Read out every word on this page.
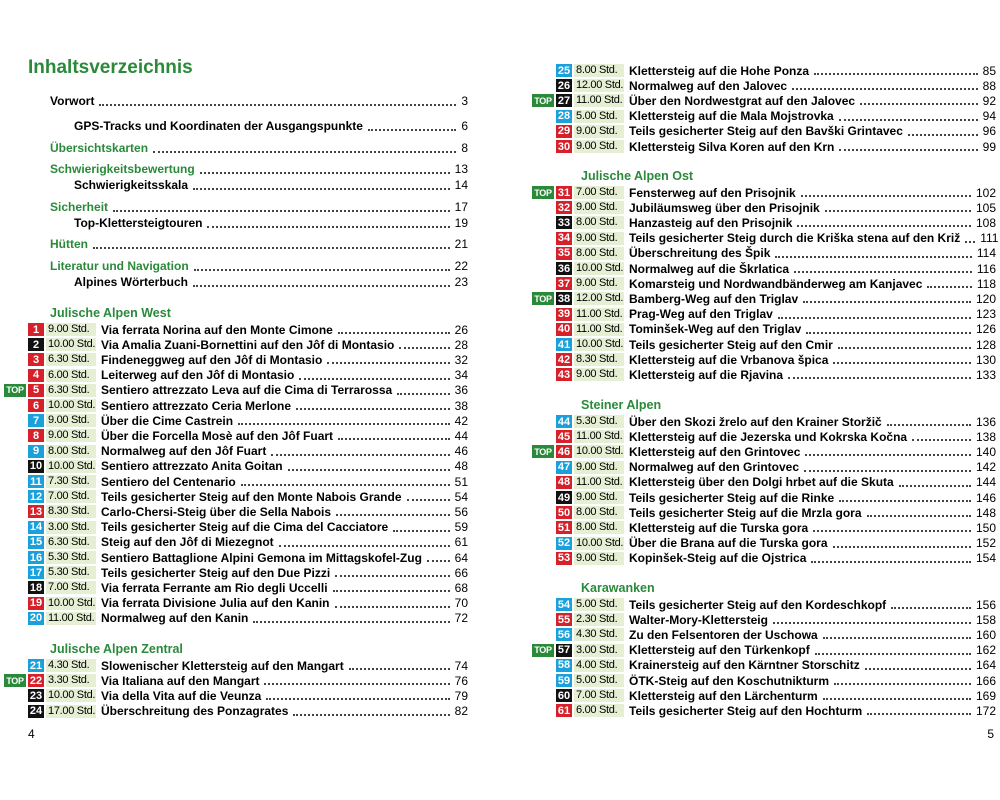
Inhaltsverzeichnis
4
Vorwort	3
GPS-Tracks und Koordinaten der Ausgangspunkte	6
Übersichtskarten	8
Schwierigkeitsbewertung	13
Schwierigkeitsskala	14
Sicherheit	17
Top-Klettersteigtouren	19
Hütten	21
Literatur und Navigation	22
Alpines Wörterbuch	23
Julische Alpen West
1 9.00 Std. Via ferrata Norina auf den Monte Cimone	26
2 10.00 Std. Via Amalia Zuani-Bornettini auf den Jôf di Montasio	28
3 6.30 Std. Findeneggweg auf den Jôf di Montasio	32
4 6.00 Std. Leiterweg auf den Jôf di Montasio	34
TOP 5 6.30 Std. Sentiero attrezzato Leva auf die Cima di Terrarossa	36
6 10.00 Std. Sentiero attrezzato Ceria Merlone	38
7 9.00 Std. Über die Cime Castrein	42
8 9.00 Std. Über die Forcella Mosè auf den Jôf Fuart	44
9 8.00 Std. Normalweg auf den Jôf Fuart	46
10 10.00 Std. Sentiero attrezzato Anita Goitan	48
11 7.30 Std. Sentiero del Centenario	51
12 7.00 Std. Teils gesicherter Steig auf den Monte Nabois Grande	54
13 8.30 Std. Carlo-Chersi-Steig über die Sella Nabois	56
14 3.00 Std. Teils gesicherter Steig auf die Cima del Cacciatore	59
15 6.30 Std. Steig auf den Jôf di Miezegnot	61
16 5.30 Std. Sentiero Battaglione Alpini Gemona im Mittagskofel-Zug	64
17 5.30 Std. Teils gesicherter Steig auf den Due Pizzi	66
18 7.00 Std. Via ferrata Ferrante am Rio degli Uccelli	68
19 10.00 Std. Via ferrata Divisione Julia auf den Kanin	70
20 11.00 Std. Normalweg auf den Kanin	72
Julische Alpen Zentral
21 4.30 Std. Slowenischer Klettersteig auf den Mangart	74
TOP 22 3.30 Std. Via Italiana auf den Mangart	76
23 10.00 Std. Via della Vita auf die Veunza	79
24 17.00 Std. Überschreitung des Ponzagrates	82
5
25 8.00 Std. Klettersteig auf die Hohe Ponza	85
26 12.00 Std. Normalweg auf den Jalovec	88
TOP 27 11.00 Std. Über den Nordwestgrat auf den Jalovec	92
28 5.00 Std. Klettersteig auf die Mala Mojstrovka	94
29 9.00 Std. Teils gesicherter Steig auf den Bavški Grintavec	96
30 9.00 Std. Klettersteig Silva Koren auf den Krn	99
Julische Alpen Ost
TOP 31 7.00 Std. Fensterweg auf den Prisojnik	102
32 9.00 Std. Jubiläumsweg über den Prisojnik	105
33 8.00 Std. Hanzasteig auf den Prisojnik	108
34 9.00 Std. Teils gesicherter Steig durch die Kriška stena auf den Križ 111
35 8.00 Std. Überschreitung des Špik	114
36 10.00 Std. Normalweg auf die Škrlatica	116
37 9.00 Std. Komarsteig und Nordwandbänderweg am Kanjavec	118
TOP 38 12.00 Std. Bamberg-Weg auf den Triglav	120
39 11.00 Std. Prag-Weg auf den Triglav	123
40 11.00 Std. Tominšek-Weg auf den Triglav	126
41 10.00 Std. Teils gesicherter Steig auf den Cmir	128
42 8.30 Std. Klettersteig auf die Vrbanova špica	130
43 9.00 Std. Klettersteig auf die Rjavina	133
Steiner Alpen
44 5.30 Std. Über den Skozi žrelo auf den Krainer Storžič	136
45 11.00 Std. Klettersteig auf die Jezerska und Kokrska Kočna	138
TOP 46 10.00 Std. Klettersteig auf den Grintovec	140
47 9.00 Std. Normalweg auf den Grintovec	142
48 11.00 Std. Klettersteig über den Dolgi hrbet auf die Skuta	144
49 9.00 Std. Teils gesicherter Steig auf die Rinke	146
50 8.00 Std. Teils gesicherter Steig auf die Mrzla gora	148
51 8.00 Std. Klettersteig auf die Turska gora	150
52 10.00 Std. Über die Brana auf die Turska gora	152
53 9.00 Std. Kopinšek-Steig auf die Ojstrica	154
Karawanken
54 5.00 Std. Teils gesicherter Steig auf den Kordeschkopf	156
55 2.30 Std. Walter-Mory-Klettersteig	158
56 4.30 Std. Zu den Felsentoren der Uschowa	160
TOP 57 3.00 Std. Klettersteig auf den Türkenkopf	162
58 4.00 Std. Krainersteig auf den Kärntner Storschitz	164
59 5.00 Std. ÖTK-Steig auf den Koschutnikturm	166
60 7.00 Std. Klettersteig auf den Lärchenturm	169
61 6.00 Std. Teils gesicherter Steig auf den Hochturm	172
